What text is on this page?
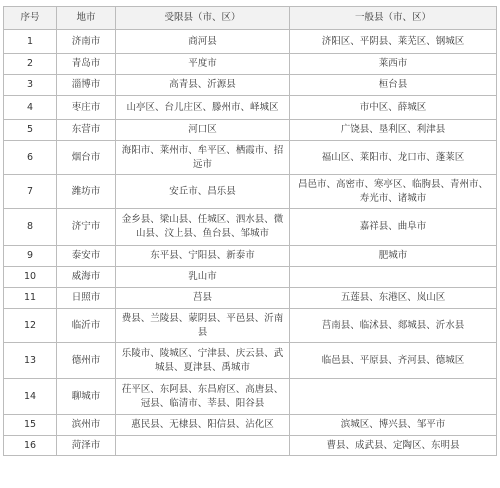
序号	地市	受限县（市、区）	一般县（市、区）
1	济南市	商河县	济阳区、平阴县、莱芜区、钢城区
2	青岛市	平度市	莱西市
3	淄博市	高青县、沂源县	桓台县
4	枣庄市	山亭区、台儿庄区、滕州市、峄城区	市中区、薛城区
5	东营市	河口区	广饶县、垦利区、利津县
6	烟台市	海阳市、莱州市、牟平区、栖霞市、招远市	福山区、莱阳市、龙口市、蓬莱区
7	潍坊市	安丘市、昌乐县	昌邑市、高密市、寒亭区、临朐县、青州市、寿光市、诸城市
8	济宁市	金乡县、梁山县、任城区、泗水县、微山县、汶上县、鱼台县、邹城市	嘉祥县、曲阜市
9	泰安市	东平县、宁阳县、新泰市	肥城市
10	威海市	乳山市	
11	日照市	莒县	五莲县、东港区、岚山区
12	临沂市	费县、兰陵县、蒙阴县、平邑县、沂南县	莒南县、临沭县、郯城县、沂水县
13	德州市	乐陵市、陵城区、宁津县、庆云县、武城县、夏津县、禹城市	临邑县、平原县、齐河县、德城区
14	聊城市	茌平区、东阿县、东昌府区、高唐县、冠县、临清市、莘县、阳谷县	
15	滨州市	惠民县、无棣县、阳信县、沾化区	滨城区、博兴县、邹平市
16	菏泽市		曹县、成武县、定陶区、东明县
